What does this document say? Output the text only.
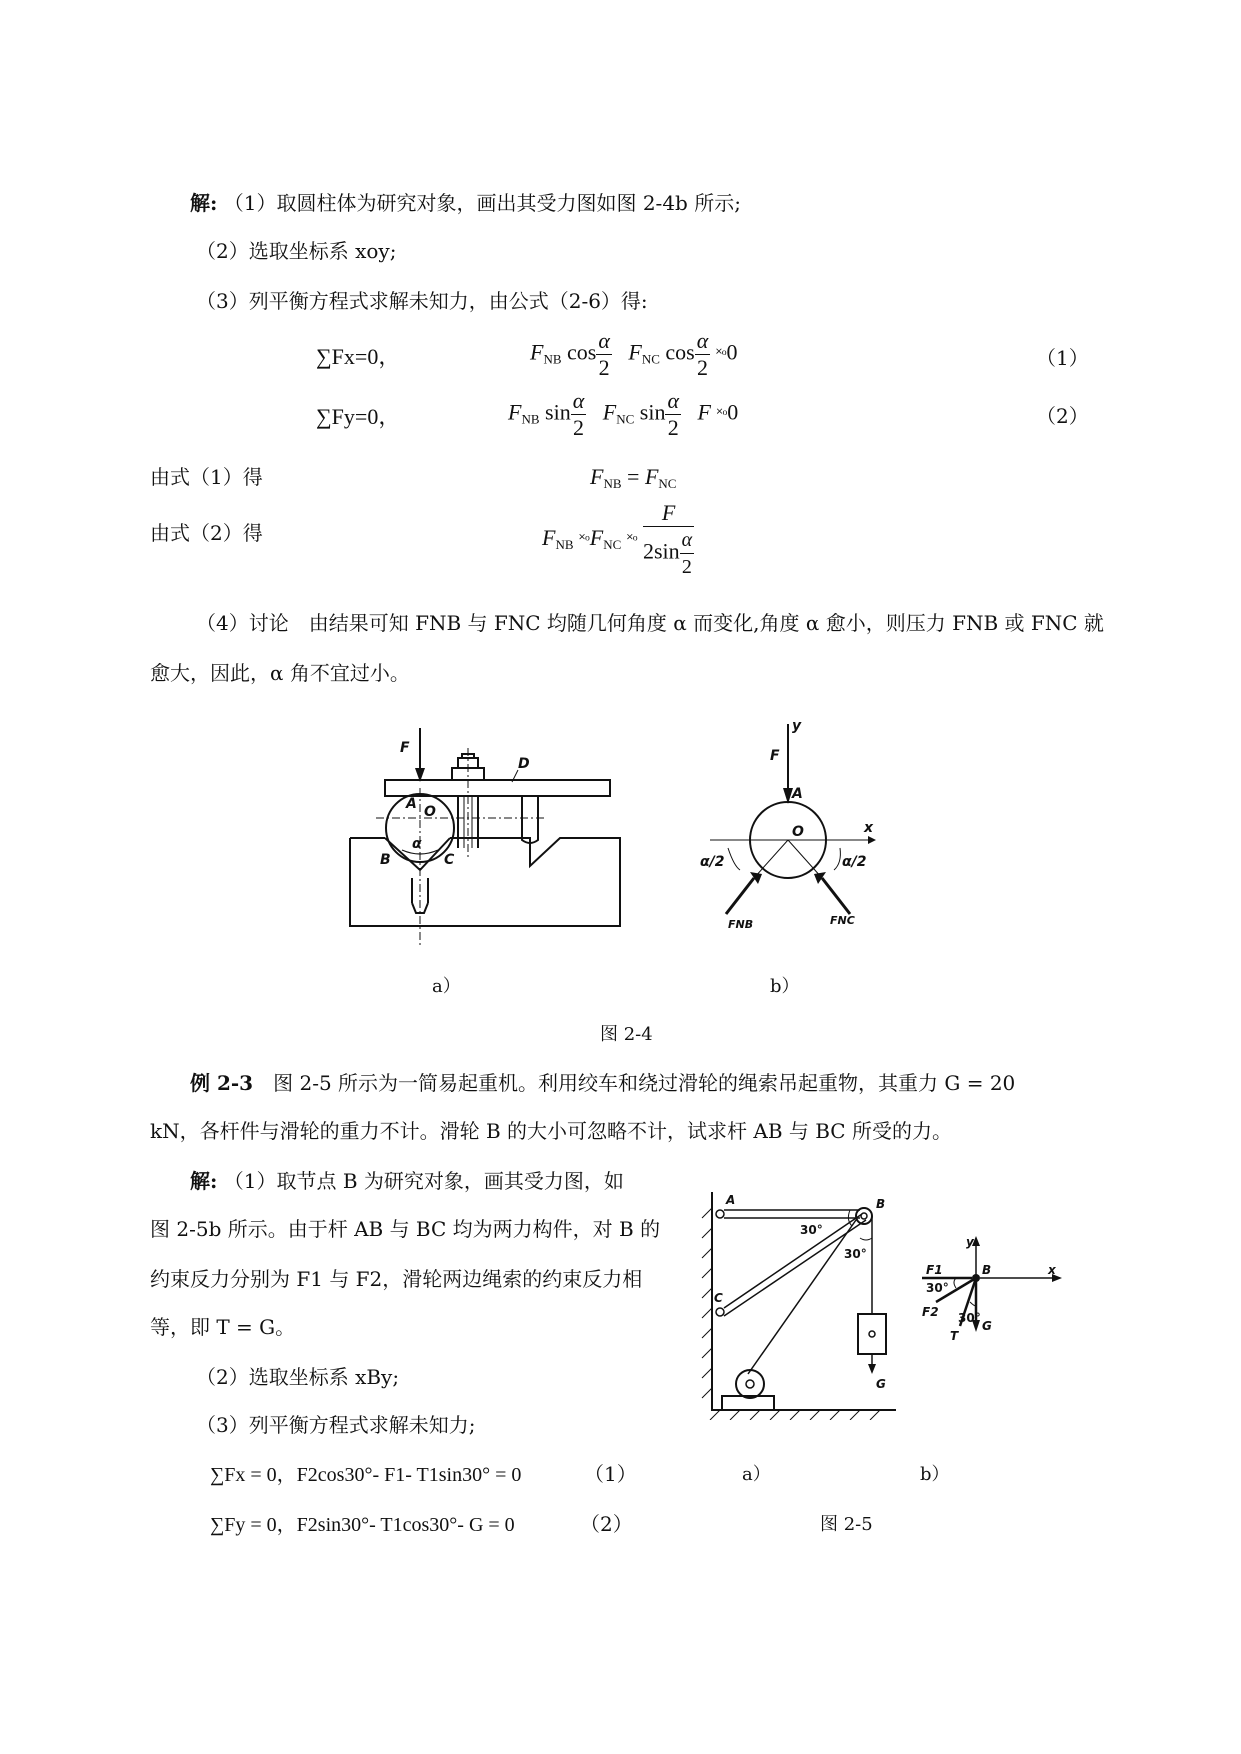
解: （1）取圆柱体为研究对象，画出其受力图如图 2-4b 所示;
（2）选取坐标系 xoy;
（3）列平衡方程式求解未知力，由公式（2-6）得:
∑Fx=0，	$F_{NB}$ $\cos \frac{\alpha}{2} F_{NC}$ $\cos \frac{\alpha}{2}$ ˟ᵒ0	（1）
∑Fy=0，	$F_{NB}$ $\sin \frac{\alpha}{2} F_{NC}$ $\sin \frac{\alpha}{2}$ F ˟ᵒ0	（2）
由式（1）得	$F_{NB} = F_{NC}$
由式（2）得	$F_{NB}$ ˟ᵒF$_{NC}$ ˟ᵒ $\frac{F}{2\sin \frac{\alpha}{2}}$
（4）讨论　由结果可知 FNB 与 FNC 均随几何角度 α 而变化,角度 α 愈小，则压力 FNB 或 FNC 就
愈大，因此，α 角不宜过小。
F
D
A O
α
B	C
y
F
A
O	x
α/2	α/2
FNB	FNC
a）	b）
图 2-4
例 2-3　 图 2-5 所示为一简易起重机。利用绞车和绕过滑轮的绳索吊起重物，其重力 G = 20
kN，各杆件与滑轮的重力不计。滑轮 B 的大小可忽略不计，试求杆 AB 与 BC 所受的力。
解: （1）取节点 B 为研究对象，画其受力图，如
图 2-5b 所示。由于杆 AB 与 BC 均为两力构件，对 B 的
约束反力分别为 F1 与 F2，滑轮两边绳索的约束反力相
等，即 T = G。
（2）选取坐标系 xBy;
（3）列平衡方程式求解未知力;
∑Fx = 0，F2cos30°- F1- T1sin30° = 0	（1）
∑Fy = 0，F2sin30°- T1cos30°- G = 0	（2）
A	B
C
30°
30°
G
y
B	x
F1
30°
F2
T
30°
G
a）	b）
图 2-5
